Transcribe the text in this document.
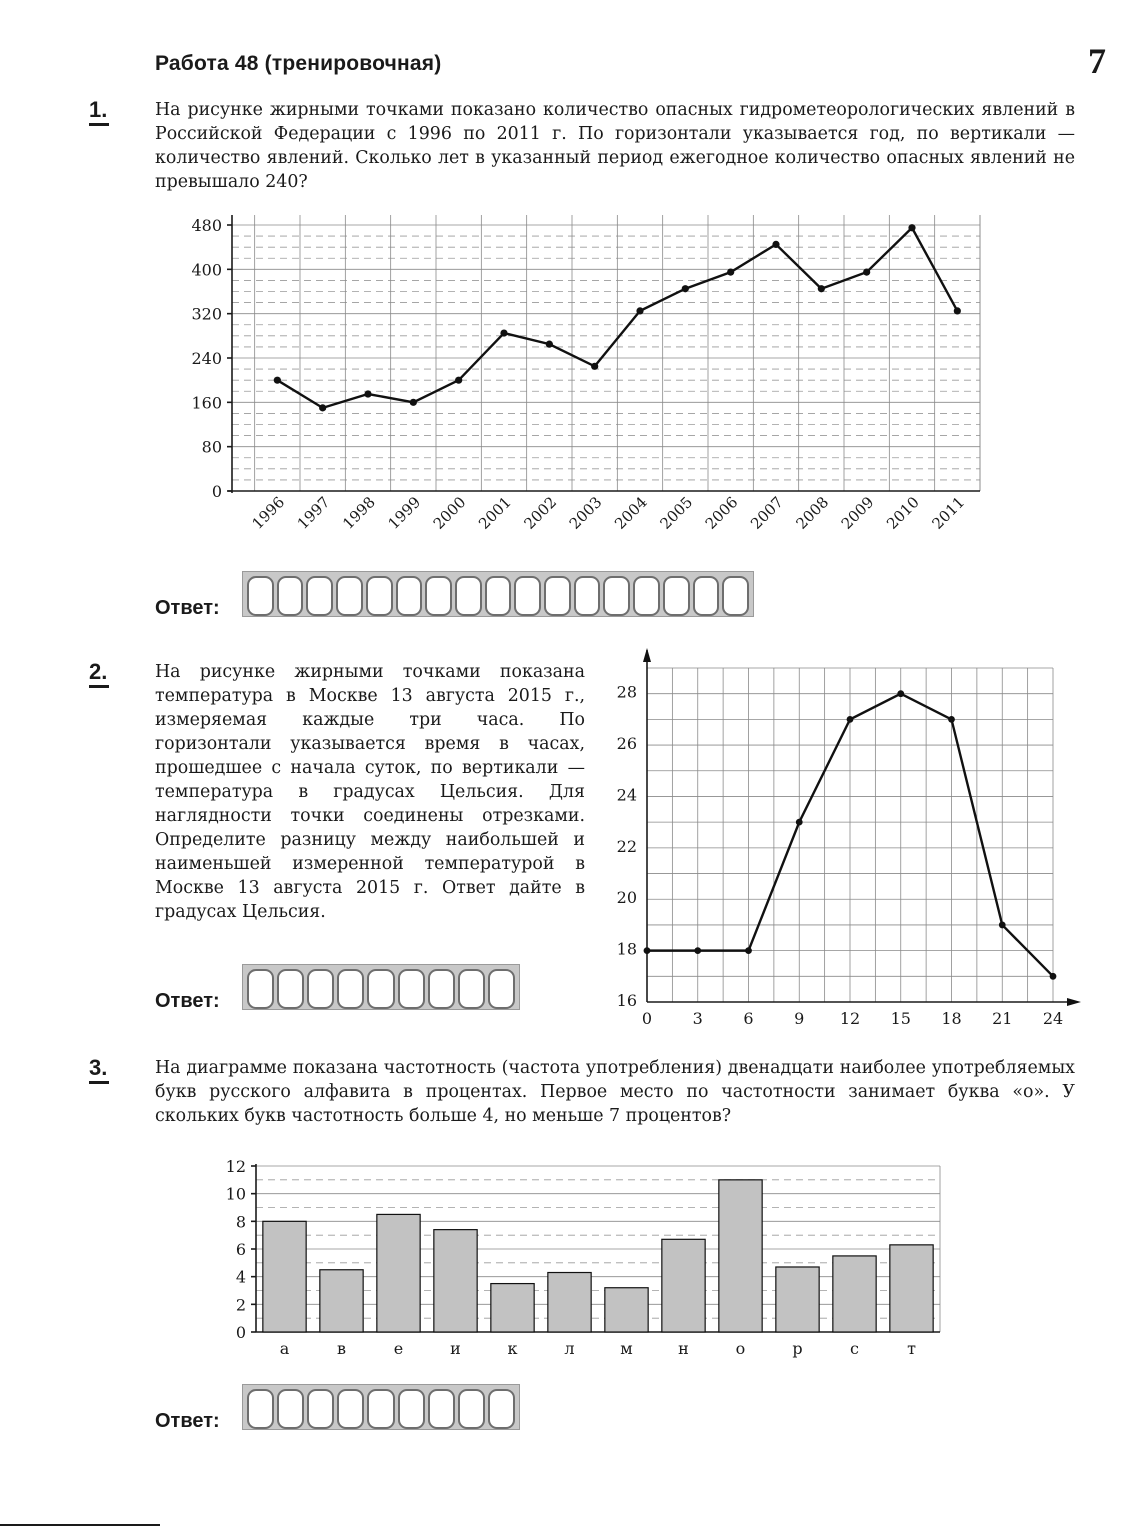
Работа 48 (тренировочная)	7
1.	На рисунке жирными точками показано количество опасных гидрометеорологических явлений в Российской Федерации с 1996 по 2011 г. По горизонтали указывается год, по вертикали — количество явлений. Сколько лет в указанный период ежегодное количество опасных явлений не превышало 240?
0
80
160
240
320
400
480
1996 1997 1998 1999 2000 2001 2002 2003 2004 2005 2006 2007 2008 2009 2010 2011
Ответ:
2.	На рисунке жирными точками показана температура в Москве 13 августа 2015 г., измеряемая каждые три часа. По горизонтали указывается время в часах, прошедшее с начала суток, по вертикали — температура в градусах Цельсия. Для наглядности точки соединены отрезками. Определите разницу между наибольшей и наименьшей измеренной температурой в Москве 13 августа 2015 г. Ответ дайте в градусах Цельсия.
16
18
20
22
24
26
28
0	3	6	9 12 15 18 21 24
Ответ:
3.	На диаграмме показана частотность (частота употребления) двенадцати наиболее употребляемых букв русского алфавита в процентах. Первое место по частотности занимает буква «о». У скольких букв частотность больше 4, но меньше 7 процентов?
0
2
4
6
8
10
12
а	в	е	и	к	л	м	н	о	р	с	т
Ответ:
